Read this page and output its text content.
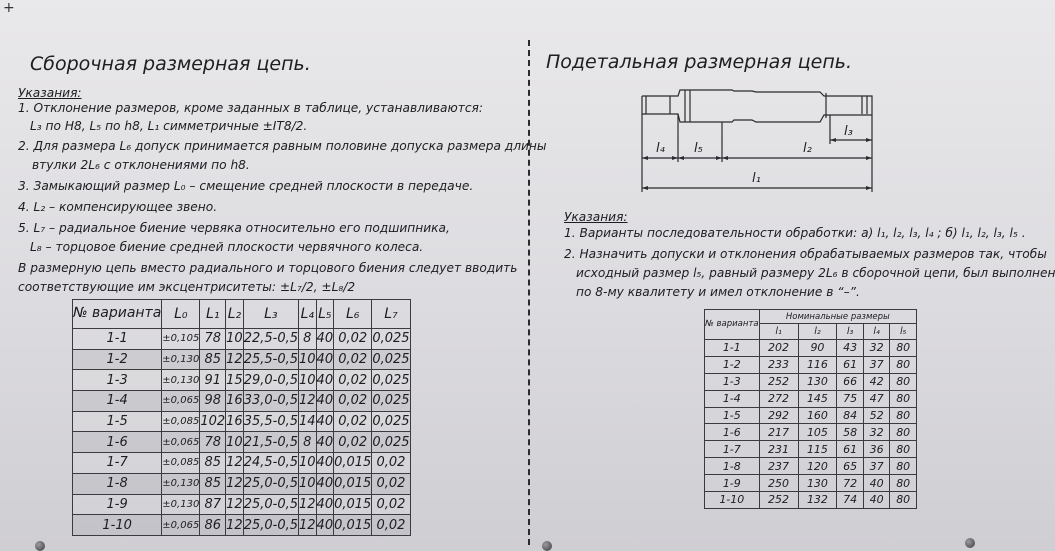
+
Сборочная размерная цепь.
Указания:
1. Отклонение размеров, кроме заданных в таблице, устанавливаются:
L₃ по H8, L₅ по h8, L₁ симметричные ±IT8/2.
2. Для размера L₆ допуск принимается равным половине допуска размера длины
втулки 2L₆ с отклонениями по h8.
3. Замыкающий размер L₀ – смещение средней плоскости в передаче.
4. L₂ – компенсирующее звено.
5. L₇ – радиальное биение червяка относительно его подшипника,
L₈ – торцовое биение средней плоскости червячного колеса.
В размерную цепь вместо радиального и торцового биения следует вводить
соответствующие им эксцентриситеты: ±L₇/2, ±L₈/2
№ варианта	L₀	L₁	L₂	L₃	L₄	L₅	L₆	L₇
1-1	±0,105	78	10	22,5-0,5	8	40	0,02	0,025
1-2	±0,130	85	12	25,5-0,5	10	40	0,02	0,025
1-3	±0,130	91	15	29,0-0,5	10	40	0,02	0,025
1-4	±0,065	98	16	33,0-0,5	12	40	0,02	0,025
1-5	±0,085	102	16	35,5-0,5	14	40	0,02	0,025
1-6	±0,065	78	10	21,5-0,5	8	40	0,02	0,025
1-7	±0,085	85	12	24,5-0,5	10	40	0,015	0,02
1-8	±0,130	85	12	25,0-0,5	10	40	0,015	0,02
1-9	±0,130	87	12	25,0-0,5	12	40	0,015	0,02
1-10	±0,065	86	12	25,0-0,5	12	40	0,015	0,02
Подетальная размерная цепь.
l₄ l₅	l₂
l₃
l₁
Указания:
1. Варианты последовательности обработки: а) l₁, l₂, l₃, l₄ ; б) l₁, l₂, l₃, l₅ .
2. Назначить допуски и отклонения обрабатываемых размеров так, чтобы
исходный размер l₅, равный размеру 2L₆ в сборочной цепи, был выполнен
по 8-му квалитету и имел отклонение в “–”.
№ варианта	Номинальные размеры				
	l₁	l₂	l₃	l₄	l₅
1-1	202	90	43	32	80
1-2	233	116	61	37	80
1-3	252	130	66	42	80
1-4	272	145	75	47	80
1-5	292	160	84	52	80
1-6	217	105	58	32	80
1-7	231	115	61	36	80
1-8	237	120	65	37	80
1-9	250	130	72	40	80
1-10	252	132	74	40	80
